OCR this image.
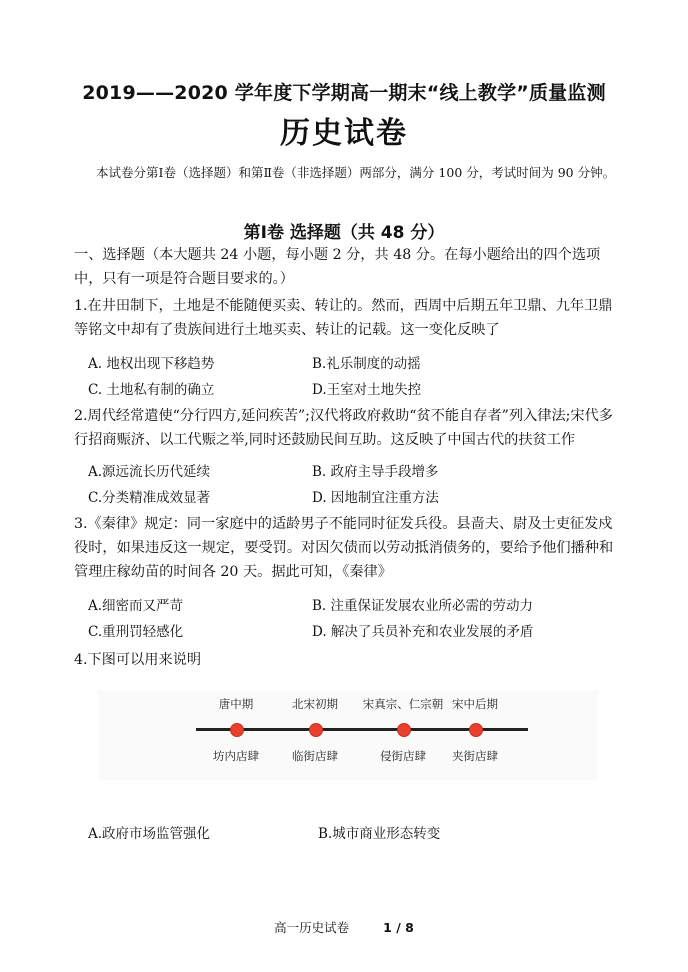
2019——2020 学年度下学期高一期末“线上教学”质量监测
历史试卷
本试卷分第Ⅰ卷（选择题）和第Ⅱ卷（非选择题）两部分，满分 100 分，考试时间为 90 分钟。
第Ⅰ卷 选择题（共 48 分）
一、选择题（本大题共 24 小题，每小题 2 分，共 48 分。在每小题给出的四个选项中，只有一项是符合题目要求的。）
1.在井田制下，土地是不能随便买卖、转让的。然而，西周中后期五年卫鼎、九年卫鼎等铭文中却有了贵族间进行土地买卖、转让的记载。这一变化反映了
A. 地权出现下移趋势	B.礼乐制度的动摇
C. 土地私有制的确立	D.王室对土地失控
2.周代经常遣使“分行四方,延问疾苦”;汉代将政府救助“贫不能自存者”列入律法;宋代多行招商赈济、以工代赈之举,同时还鼓励民间互助。这反映了中国古代的扶贫工作
A.源远流长历代延续	B. 政府主导手段增多
C.分类精准成效显著	D. 因地制宜注重方法
3.《秦律》规定：同一家庭中的适龄男子不能同时征发兵役。县啬夫、尉及士吏征发戍役时，如果违反这一规定，要受罚。对因欠债而以劳动抵消债务的，要给予他们播种和管理庄稼幼苗的时间各 20 天。据此可知，《秦律》
A.细密而又严苛	B. 注重保证发展农业所必需的劳动力
C.重刑罚轻感化	D. 解决了兵员补充和农业发展的矛盾
4.下图可以用来说明
唐中期	北宋初期	宋真宗、仁宗朝 宋中后期
坊内店肆	临街店肆	侵街店肆	夹街店肆
A.政府市场监管强化	B.城市商业形态转变
高一历史试卷	1 / 8
